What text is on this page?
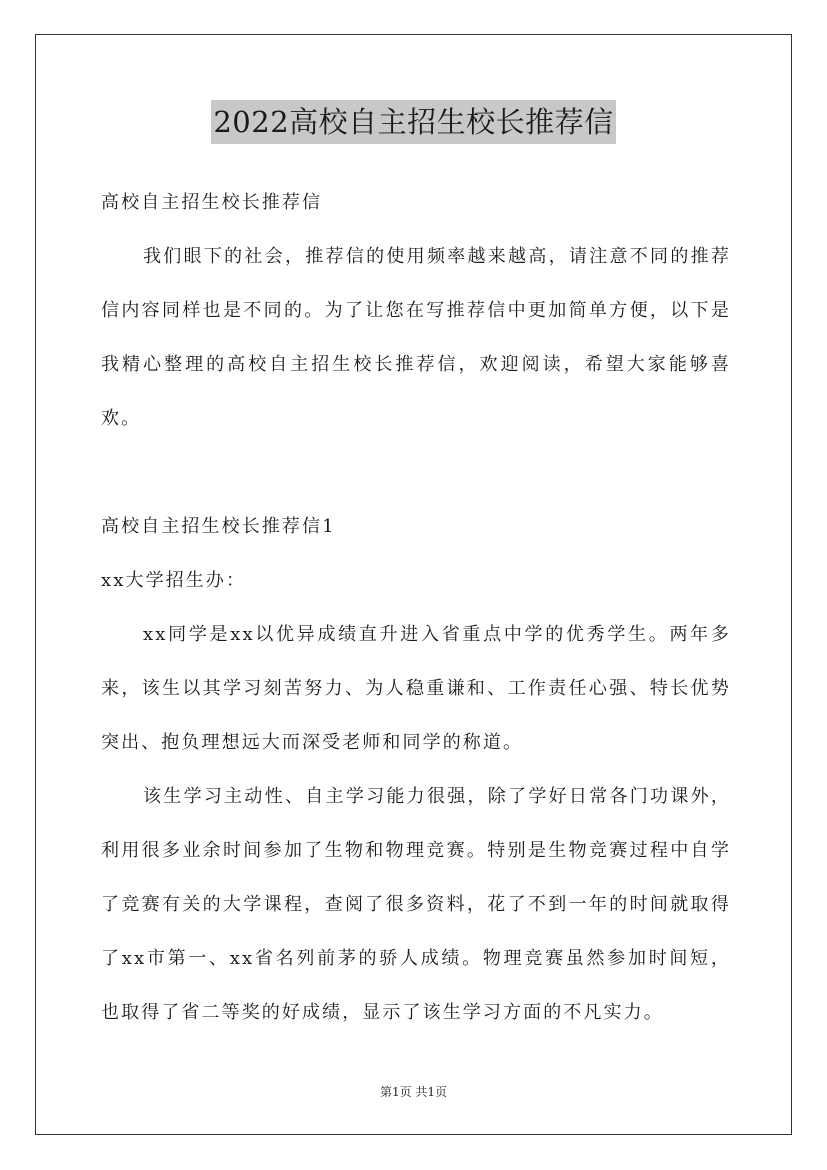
2022高校自主招生校长推荐信

高校自主招生校长推荐信

我们眼下的社会，推荐信的使用频率越来越高，请注意不同的推荐信内容同样也是不同的。为了让您在写推荐信中更加简单方便，以下是我精心整理的高校自主招生校长推荐信，欢迎阅读，希望大家能够喜欢。

高校自主招生校长推荐信1

xx大学招生办：

xx同学是xx以优异成绩直升进入省重点中学的优秀学生。两年多来，该生以其学习刻苦努力、为人稳重谦和、工作责任心强、特长优势突出、抱负理想远大而深受老师和同学的称道。

该生学习主动性、自主学习能力很强，除了学好日常各门功课外，利用很多业余时间参加了生物和物理竞赛。特别是生物竞赛过程中自学了竞赛有关的大学课程，查阅了很多资料，花了不到一年的时间就取得了xx市第一、xx省名列前茅的骄人成绩。物理竞赛虽然参加时间短，也取得了省二等奖的好成绩，显示了该生学习方面的不凡实力。

第1页 共1页
